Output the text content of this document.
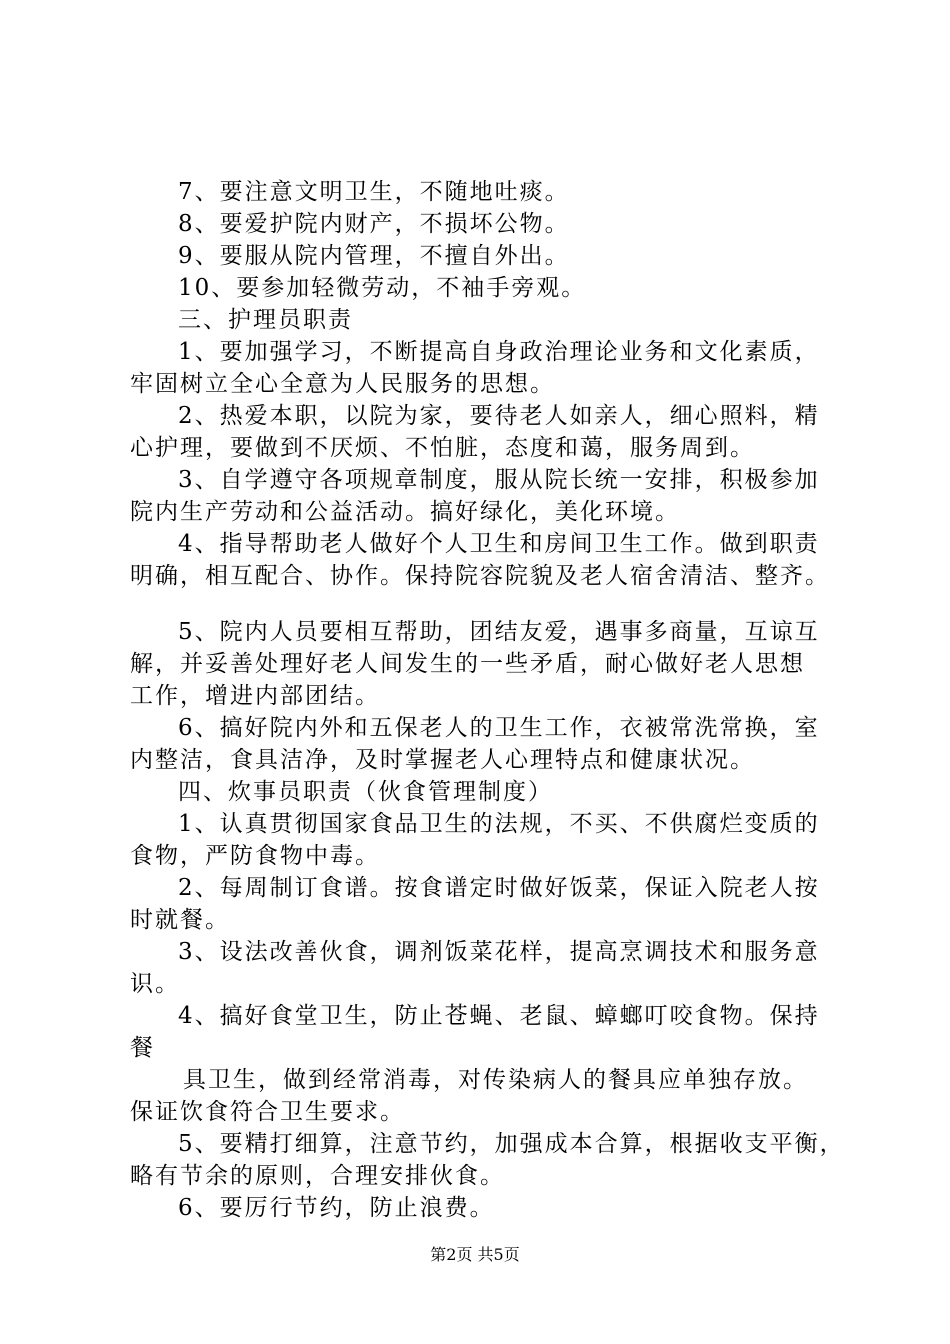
7、要注意文明卫生，不随地吐痰。
8、要爱护院内财产，不损坏公物。
9、要服从院内管理，不擅自外出。
10、要参加轻微劳动，不袖手旁观。
三、护理员职责
1、要加强学习，不断提高自身政治理论业务和文化素质，
牢固树立全心全意为人民服务的思想。
2、热爱本职，以院为家，要待老人如亲人，细心照料，精
心护理，要做到不厌烦、不怕脏，态度和蔼，服务周到。
3、自学遵守各项规章制度，服从院长统一安排，积极参加
院内生产劳动和公益活动。搞好绿化，美化环境。
4、指导帮助老人做好个人卫生和房间卫生工作。做到职责
明确，相互配合、协作。保持院容院貌及老人宿舍清洁、整齐。
5、院内人员要相互帮助，团结友爱，遇事多商量，互谅互
解，并妥善处理好老人间发生的一些矛盾，耐心做好老人思想
工作，增进内部团结。
6、搞好院内外和五保老人的卫生工作，衣被常洗常换，室
内整洁，食具洁净，及时掌握老人心理特点和健康状况。
四、炊事员职责（伙食管理制度）
1、认真贯彻国家食品卫生的法规，不买、不供腐烂变质的
食物，严防食物中毒。
2、每周制订食谱。按食谱定时做好饭菜，保证入院老人按
时就餐。
3、设法改善伙食，调剂饭菜花样，提高烹调技术和服务意
识。
4、搞好食堂卫生，防止苍蝇、老鼠、蟑螂叮咬食物。保持
餐
具卫生，做到经常消毒，对传染病人的餐具应单独存放。
保证饮食符合卫生要求。
5、要精打细算，注意节约，加强成本合算，根据收支平衡，
略有节余的原则，合理安排伙食。
6、要厉行节约，防止浪费。
第2页 共5页
